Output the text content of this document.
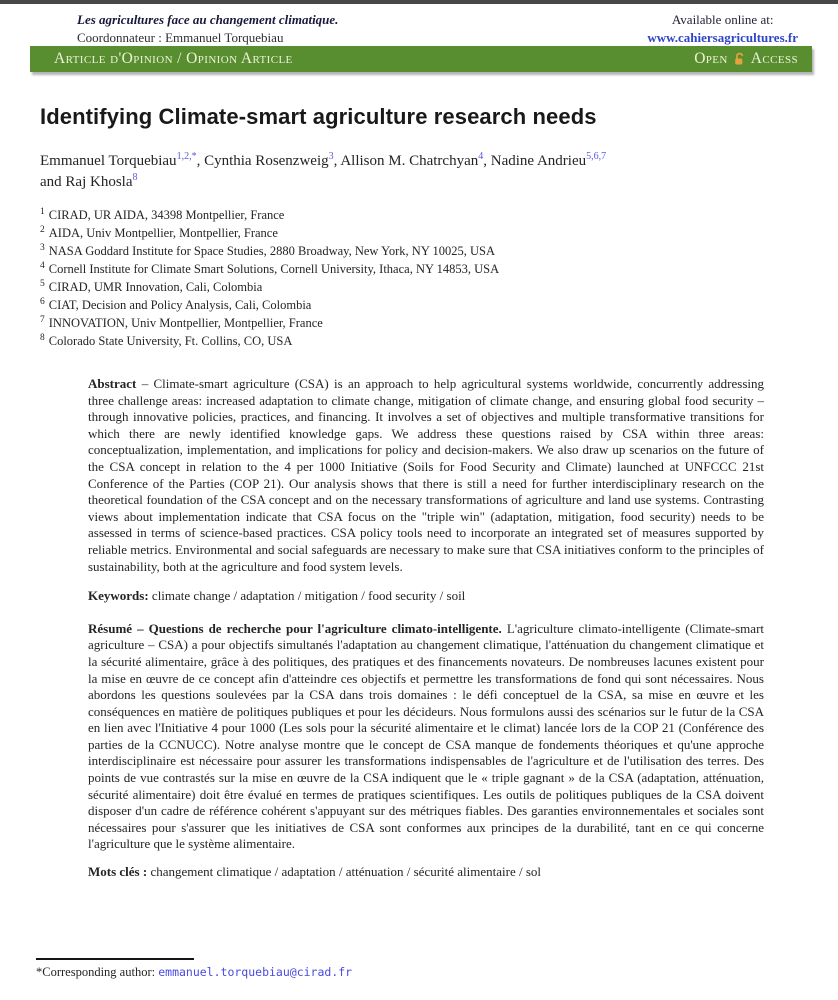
Les agricultures face au changement climatique.
Coordonnateur : Emmanuel Torquebiau
Available online at:
www.cahiersagricultures.fr
Article d'Opinion / Opinion Article	Open Access
Identifying Climate-smart agriculture research needs
Emmanuel Torquebiau$^{1,2,*}$, Cynthia Rosenzweig$^3$, Allison M. Chatrchyan$^4$, Nadine Andrieu$^{5,6,7}$
and Raj Khosla$^8$
$^1$ CIRAD, UR AIDA, 34398 Montpellier, France
$^2$ AIDA, Univ Montpellier, Montpellier, France
$^3$ NASA Goddard Institute for Space Studies, 2880 Broadway, New York, NY 10025, USA
$^4$ Cornell Institute for Climate Smart Solutions, Cornell University, Ithaca, NY 14853, USA
$^5$ CIRAD, UMR Innovation, Cali, Colombia
$^6$ CIAT, Decision and Policy Analysis, Cali, Colombia
$^7$ INNOVATION, Univ Montpellier, Montpellier, France
$^8$ Colorado State University, Ft. Collins, CO, USA

Abstract – Climate-smart agriculture (CSA) is an approach to help agricultural systems worldwide, concurrently addressing three challenge areas: increased adaptation to climate change, mitigation of climate change, and ensuring global food security – through innovative policies, practices, and financing. It involves a set of objectives and multiple transformative transitions for which there are newly identified knowledge gaps. We address these questions raised by CSA within three areas: conceptualization, implementation, and implications for policy and decision-makers. We also draw up scenarios on the future of the CSA concept in relation to the 4 per 1000 Initiative (Soils for Food Security and Climate) launched at UNFCCC 21st Conference of the Parties (COP 21). Our analysis shows that there is still a need for further interdisciplinary research on the theoretical foundation of the CSA concept and on the necessary transformations of agriculture and land use systems. Contrasting views about implementation indicate that CSA focus on the "triple win" (adaptation, mitigation, food security) needs to be assessed in terms of science-based practices. CSA policy tools need to incorporate an integrated set of measures supported by reliable metrics. Environmental and social safeguards are necessary to make sure that CSA initiatives conform to the principles of sustainability, both at the agriculture and food system levels.

Keywords: climate change / adaptation / mitigation / food security / soil

Résumé – Questions de recherche pour l'agriculture climato-intelligente. L'agriculture climato-intelligente (Climate-smart agriculture – CSA) a pour objectifs simultanés l'adaptation au changement climatique, l'atténuation du changement climatique et la sécurité alimentaire, grâce à des politiques, des pratiques et des financements novateurs. De nombreuses lacunes existent pour la mise en œuvre de ce concept afin d'atteindre ces objectifs et permettre les transformations de fond qui sont nécessaires. Nous abordons les questions soulevées par la CSA dans trois domaines : le défi conceptuel de la CSA, sa mise en œuvre et les conséquences en matière de politiques publiques et pour les décideurs. Nous formulons aussi des scénarios sur le futur de la CSA en lien avec l'Initiative 4 pour 1000 (Les sols pour la sécurité alimentaire et le climat) lancée lors de la COP 21 (Conférence des parties de la CCNUCC). Notre analyse montre que le concept de CSA manque de fondements théoriques et qu'une approche interdisciplinaire est nécessaire pour assurer les transformations indispensables de l'agriculture et de l'utilisation des terres. Des points de vue contrastés sur la mise en œuvre de la CSA indiquent que le « triple gagnant » de la CSA (adaptation, atténuation, sécurité alimentaire) doit être évalué en termes de pratiques scientifiques. Les outils de politiques publiques de la CSA doivent disposer d'un cadre de référence cohérent s'appuyant sur des métriques fiables. Des garanties environnementales et sociales sont nécessaires pour s'assurer que les initiatives de CSA sont conformes aux principes de la durabilité, tant en ce qui concerne l'agriculture que le système alimentaire.

Mots clés : changement climatique / adaptation / atténuation / sécurité alimentaire / sol

*Corresponding author: emmanuel.torquebiau@cirad.fr
